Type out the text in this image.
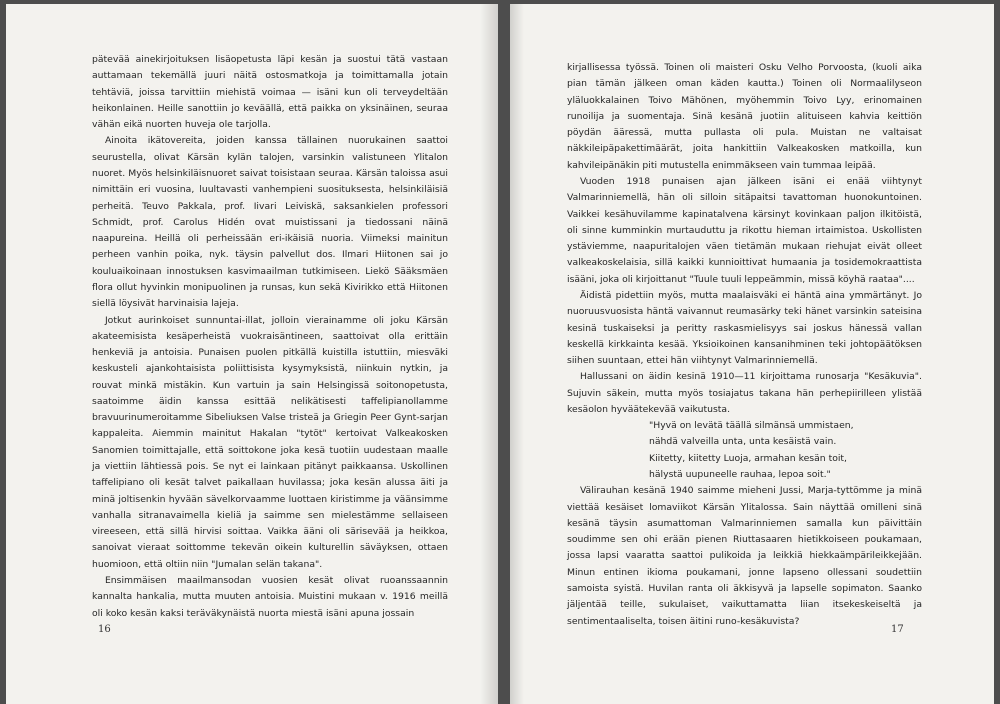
pätevää ainekirjoituksen lisäopetusta läpi kesän ja suostui tätä vastaan auttamaan tekemällä juuri näitä ostosmatkoja ja toimittamalla jotain tehtäviä, joissa tarvittiin miehistä voimaa — isäni kun oli terveydeltään heikonlainen. Heille sanottiin jo keväällä, että paikka on yksinäinen, seuraa vähän eikä nuorten huveja ole tarjolla.

Ainoita ikätovereita, joiden kanssa tällainen nuorukainen saattoi seurustella, olivat Kärsän kylän talojen, varsinkin valistuneen Ylitalon nuoret. Myös helsinkiläisnuoret saivat toisistaan seuraa. Kärsän taloissa asui nimittäin eri vuosina, luultavasti vanhempieni suosituksesta, helsinkiläisiä perheitä. Teuvo Pakkala, prof. Iivari Leiviskä, saksankielen professori Schmidt, prof. Carolus Hidén ovat muistissani ja tiedossani näinä naapureina. Heillä oli perheissään eri-ikäisiä nuoria. Viimeksi mainitun perheen vanhin poika, nyk. täysin palvellut dos. Ilmari Hiitonen sai jo kouluaikoinaan innostuksen kasvimaailman tutkimiseen. Liekö Sääksmäen flora ollut hyvinkin monipuolinen ja runsas, kun sekä Kivirikko että Hiitonen siellä löysivät harvinaisia lajeja.

Jotkut aurinkoiset sunnuntai-illat, jolloin vierainamme oli joku Kärsän akateemisista kesäperheistä vuokraisäntineen, saattoivat olla erittäin henkeviä ja antoisia. Punaisen puolen pitkällä kuistilla istuttiin, miesväki keskusteli ajankohtaisista poliittisista kysymyksistä, niinkuin nytkin, ja rouvat minkä mistäkin. Kun vartuin ja sain Helsingissä soitonopetusta, saatoimme äidin kanssa esittää nelikätisesti taffelipianollamme bravuurinumeroitamme Sibeliuksen Valse tristeä ja Griegin Peer Gynt-sarjan kappaleita. Aiemmin mainitut Hakalan "tytöt" kertoivat Valkeakosken Sanomien toimittajalle, että soittokone joka kesä tuotiin uudestaan maalle ja viettiin lähtiessä pois. Se nyt ei lainkaan pitänyt paikkaansa. Uskollinen taffelipiano oli kesät talvet paikallaan huvilassa; joka kesän alussa äiti ja minä joltisenkin hyvään sävelkorvaamme luottaen kiristimme ja väänsimme vanhalla sitranavaimella kieliä ja saimme sen mielestämme sellaiseen vireeseen, että sillä hirvisi soittaa. Vaikka ääni oli särisevää ja heikkoa, sanoivat vieraat soittomme tekevän oikein kulturellin säväyksen, ottaen huomioon, että oltiin niin "Jumalan selän takana".

Ensimmäisen maailmansodan vuosien kesät olivat ruoanssaannin kannalta hankalia, mutta muuten antoisia. Muistini mukaan v. 1916 meillä oli koko kesän kaksi teräväkynäistä nuorta miestä isäni apuna jossain

16

kirjallisessa työssä. Toinen oli maisteri Osku Velho Porvoosta, (kuoli aika pian tämän jälkeen oman käden kautta.) Toinen oli Normaalilyseon yläluokkalainen Toivo Mähönen, myöhemmin Toivo Lyy, erinomainen runoilija ja suomentaja. Sinä kesänä juotiin alituiseen kahvia keittiön pöydän ääressä, mutta pullasta oli pula. Muistan ne valtaisat näkkileipäpakettimäärät, joita hankittiin Valkeakosken matkoilla, kun kahvileipänäkin piti mutustella enimmäkseen vain tummaa leipää.

Vuoden 1918 punaisen ajan jälkeen isäni ei enää viihtynyt Valmarinniemellä, hän oli silloin sitäpaitsi tavattoman huonokuntoinen. Vaikkei kesähuvilamme kapinatalvena kärsinyt kovinkaan paljon ilkitöistä, oli sinne kumminkin murtauduttu ja rikottu hieman irtaimistoa. Uskollisten ystäviemme, naapuritalojen väen tietämän mukaan riehujat eivät olleet valkeakoskelaisia, sillä kaikki kunnioittivat humaania ja tosidemokraattista isääni, joka oli kirjoittanut "Tuule tuuli leppeämmin, missä köyhä raataa"....

Äidistä pidettiin myös, mutta maalaisväki ei häntä aina ymmärtänyt. Jo nuoruusvuosista häntä vaivannut reumasärky teki hänet varsinkin sateisina kesinä tuskaiseksi ja peritty raskasmielisyys sai joskus hänessä vallan keskellä kirkkainta kesää. Yksioikoinen kansanihminen teki johtopäätöksen siihen suuntaan, ettei hän viihtynyt Valmarinniemellä.

Hallussani on äidin kesinä 1910—11 kirjoittama runosarja "Kesäkuvia". Sujuvin säkein, mutta myös tosiajatus takana hän perhepiirilleen ylistää kesäolon hyväätekevää vaikutusta.

"Hyvä on levätä täällä silmänsä ummistaen,
nähdä valveilla unta, unta kesäistä vain.
Kiitetty, kiitetty Luoja, armahan kesän toit,
hälystä uupuneelle rauhaa, lepoa soit."

Välirauhan kesänä 1940 saimme mieheni Jussi, Marja-tyttömme ja minä viettää kesäiset lomaviikot Kärsän Ylitalossa. Sain näyttää omilleni sinä kesänä täysin asumattoman Valmarinniemen samalla kun päivittäin soudimme sen ohi erään pienen Riuttasaaren hietikkoiseen poukamaan, jossa lapsi vaaratta saattoi pulikoida ja leikkiä hiekkaämpärileikkejään. Minun entinen ikioma poukamani, jonne lapseno ollessani soudettiin samoista syistä. Huvilan ranta oli äkkisyvä ja lapselle sopimaton. Saanko jäljentää teille, sukulaiset, vaikuttamatta liian itsekeskeiseltä ja sentimentaaliselta, toisen äitini runo-kesäkuvista?

17
